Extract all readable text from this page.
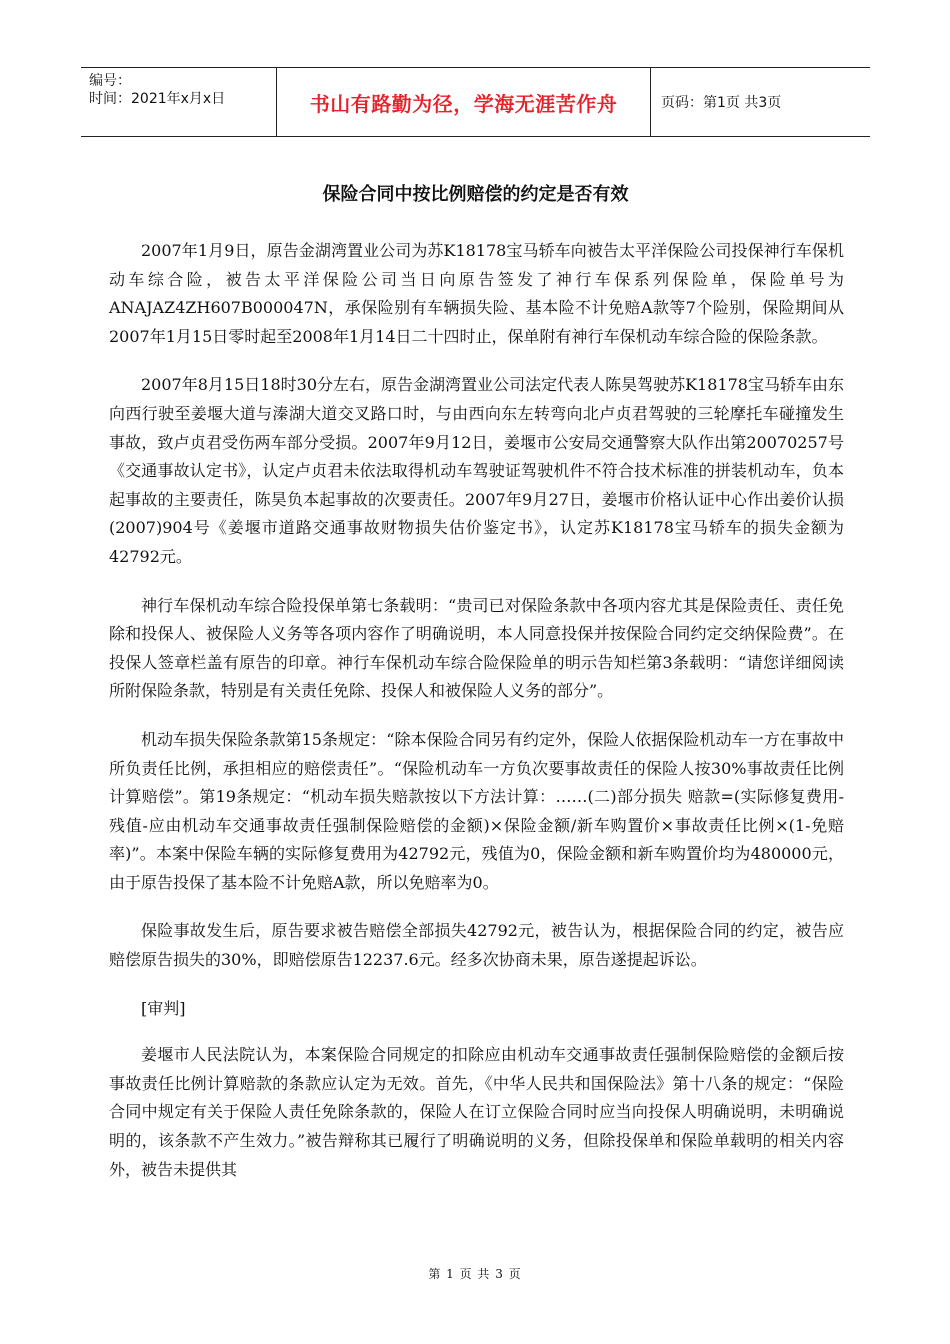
编号：
时间：2021年x月x日	书山有路勤为径，学海无涯苦作舟	页码：第1页 共3页
保险合同中按比例赔偿的约定是否有效

2007年1月9日，原告金湖湾置业公司为苏K18178宝马轿车向被告太平洋保险公司投保神行车保机动车综合险，被告太平洋保险公司当日向原告签发了神行车保系列保险单，保险单号为ANAJAZ4ZH607B000047N，承保险别有车辆损失险、基本险不计免赔A款等7个险别，保险期间从2007年1月15日零时起至2008年1月14日二十四时止，保单附有神行车保机动车综合险的保险条款。

2007年8月15日18时30分左右，原告金湖湾置业公司法定代表人陈昊驾驶苏K18178宝马轿车由东向西行驶至姜堰大道与溱湖大道交叉路口时，与由西向东左转弯向北卢贞君驾驶的三轮摩托车碰撞发生事故，致卢贞君受伤两车部分受损。2007年9月12日，姜堰市公安局交通警察大队作出第20070257号《交通事故认定书》，认定卢贞君未依法取得机动车驾驶证驾驶机件不符合技术标准的拼装机动车，负本起事故的主要责任，陈昊负本起事故的次要责任。2007年9月27日，姜堰市价格认证中心作出姜价认损(2007)904号《姜堰市道路交通事故财物损失估价鉴定书》，认定苏K18178宝马轿车的损失金额为42792元。

神行车保机动车综合险投保单第七条载明：“贵司已对保险条款中各项内容尤其是保险责任、责任免除和投保人、被保险人义务等各项内容作了明确说明，本人同意投保并按保险合同约定交纳保险费”。在投保人签章栏盖有原告的印章。神行车保机动车综合险保险单的明示告知栏第3条载明：“请您详细阅读所附保险条款，特别是有关责任免除、投保人和被保险人义务的部分”。

机动车损失保险条款第15条规定：“除本保险合同另有约定外，保险人依据保险机动车一方在事故中所负责任比例，承担相应的赔偿责任”。“保险机动车一方负次要事故责任的保险人按30%事故责任比例计算赔偿”。第19条规定：“机动车损失赔款按以下方法计算：……(二)部分损失 赔款=(实际修复费用-残值-应由机动车交通事故责任强制保险赔偿的金额)×保险金额/新车购置价×事故责任比例×(1-免赔率)”。本案中保险车辆的实际修复费用为42792元，残值为0，保险金额和新车购置价均为480000元，由于原告投保了基本险不计免赔A款，所以免赔率为0。

保险事故发生后，原告要求被告赔偿全部损失42792元，被告认为，根据保险合同的约定，被告应赔偿原告损失的30%，即赔偿原告12237.6元。经多次协商未果，原告遂提起诉讼。

[审判]

姜堰市人民法院认为，本案保险合同规定的扣除应由机动车交通事故责任强制保险赔偿的金额后按事故责任比例计算赔款的条款应认定为无效。首先，《中华人民共和国保险法》第十八条的规定：“保险合同中规定有关于保险人责任免除条款的，保险人在订立保险合同时应当向投保人明确说明，未明确说明的，该条款不产生效力。”被告辩称其已履行了明确说明的义务，但除投保单和保险单载明的相关内容外，被告未提供其

第 1 页 共 3 页
